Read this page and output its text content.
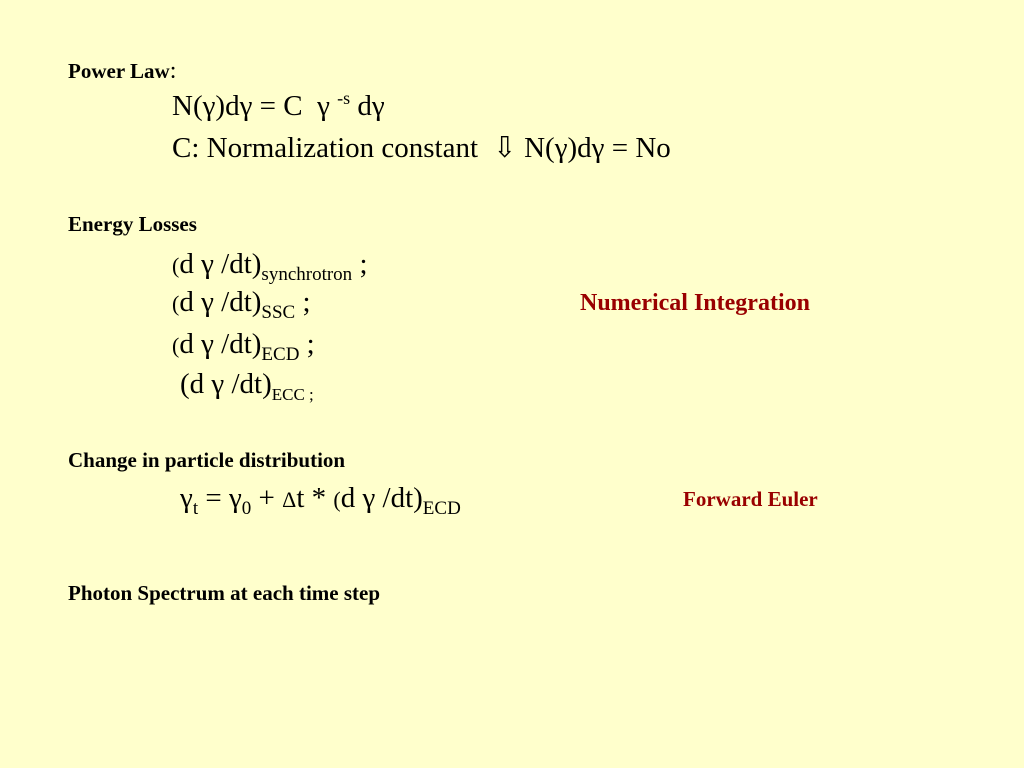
Power Law:
N(γ)dγ = C γ $^{-s}$ dγ
C: Normalization constant ⇩ N(γ)dγ = No
Energy Losses
(d γ $/dt)_{synchrotron}$ ;
(d γ $/dt)_{SSC}$ ;
(d γ $/dt)_{ECD}$ ;
(d γ $/dt)_{ECC ;}$
Numerical Integration
Change in particle distribution
$\gamma_t = \gamma_0 + \Delta t * (d$ γ $/dt)_{ECD}$	Forward Euler
Photon Spectrum at each time step
